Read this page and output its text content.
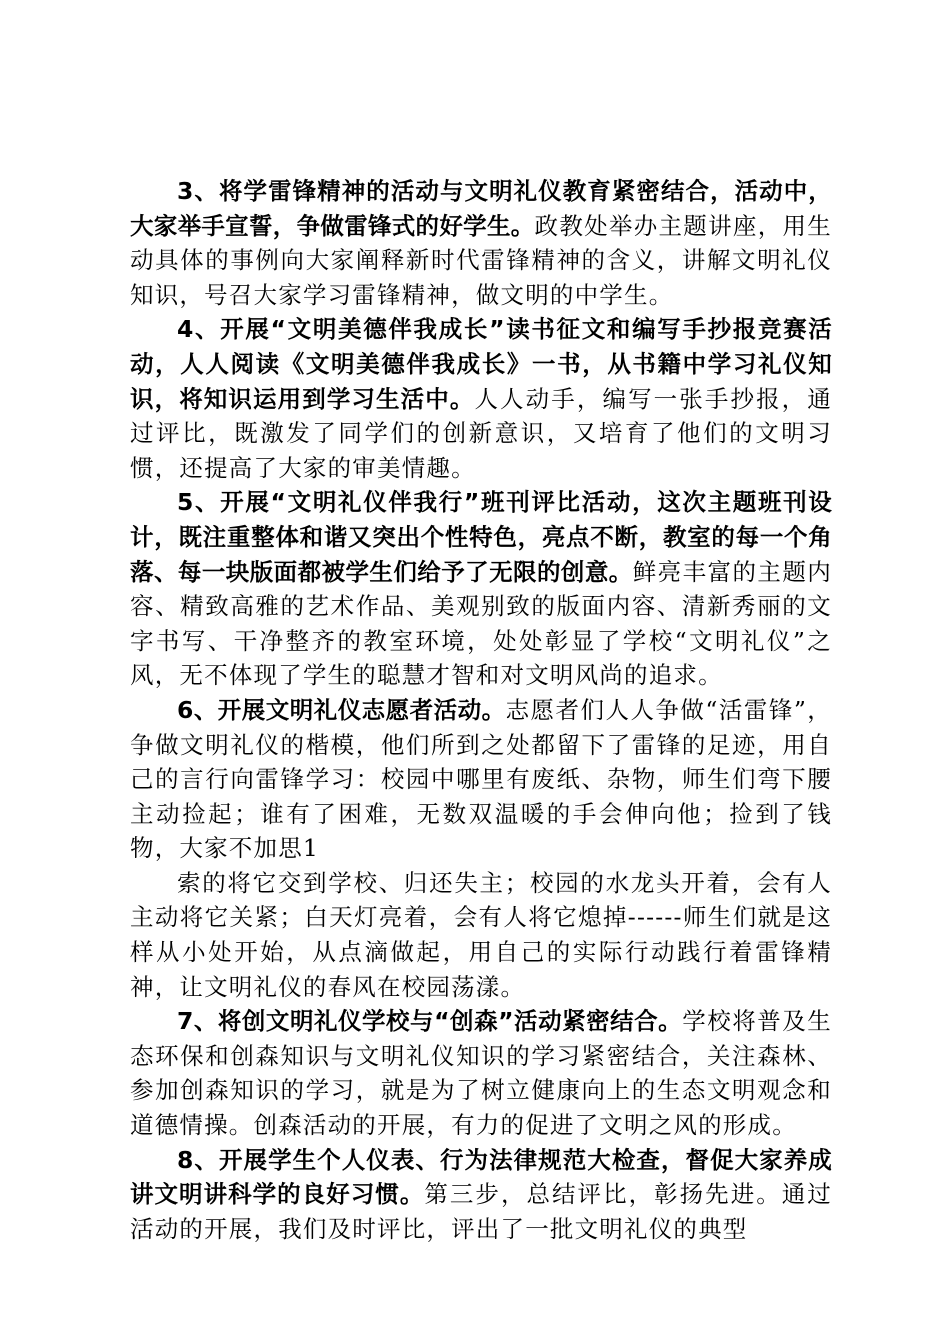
3、将学雷锋精神的活动与文明礼仪教育紧密结合，活动中，大家举手宣誓，争做雷锋式的好学生。政教处举办主题讲座，用生动具体的事例向大家阐释新时代雷锋精神的含义，讲解文明礼仪知识，号召大家学习雷锋精神，做文明的中学生。

4、开展“文明美德伴我成长”读书征文和编写手抄报竞赛活动，人人阅读《文明美德伴我成长》一书，从书籍中学习礼仪知识，将知识运用到学习生活中。人人动手，编写一张手抄报，通过评比，既激发了同学们的创新意识，又培育了他们的文明习惯，还提高了大家的审美情趣。

5、开展“文明礼仪伴我行”班刊评比活动，这次主题班刊设计，既注重整体和谐又突出个性特色，亮点不断，教室的每一个角落、每一块版面都被学生们给予了无限的创意。鲜亮丰富的主题内容、精致高雅的艺术作品、美观别致的版面内容、清新秀丽的文字书写、干净整齐的教室环境，处处彰显了学校“文明礼仪”之风，无不体现了学生的聪慧才智和对文明风尚的追求。

6、开展文明礼仪志愿者活动。志愿者们人人争做“活雷锋”，争做文明礼仪的楷模，他们所到之处都留下了雷锋的足迹，用自己的言行向雷锋学习：校园中哪里有废纸、杂物，师生们弯下腰主动捡起；谁有了困难，无数双温暖的手会伸向他；捡到了钱物，大家不加思1

索的将它交到学校、归还失主；校园的水龙头开着，会有人主动将它关紧；白天灯亮着，会有人将它熄掉------师生们就是这样从小处开始，从点滴做起，用自己的实际行动践行着雷锋精神，让文明礼仪的春风在校园荡漾。

7、将创文明礼仪学校与“创森”活动紧密结合。学校将普及生态环保和创森知识与文明礼仪知识的学习紧密结合，关注森林、参加创森知识的学习，就是为了树立健康向上的生态文明观念和道德情操。创森活动的开展，有力的促进了文明之风的形成。

8、开展学生个人仪表、行为法律规范大检查，督促大家养成讲文明讲科学的良好习惯。第三步，总结评比，彰扬先进。通过活动的开展，我们及时评比，评出了一批文明礼仪的典型
